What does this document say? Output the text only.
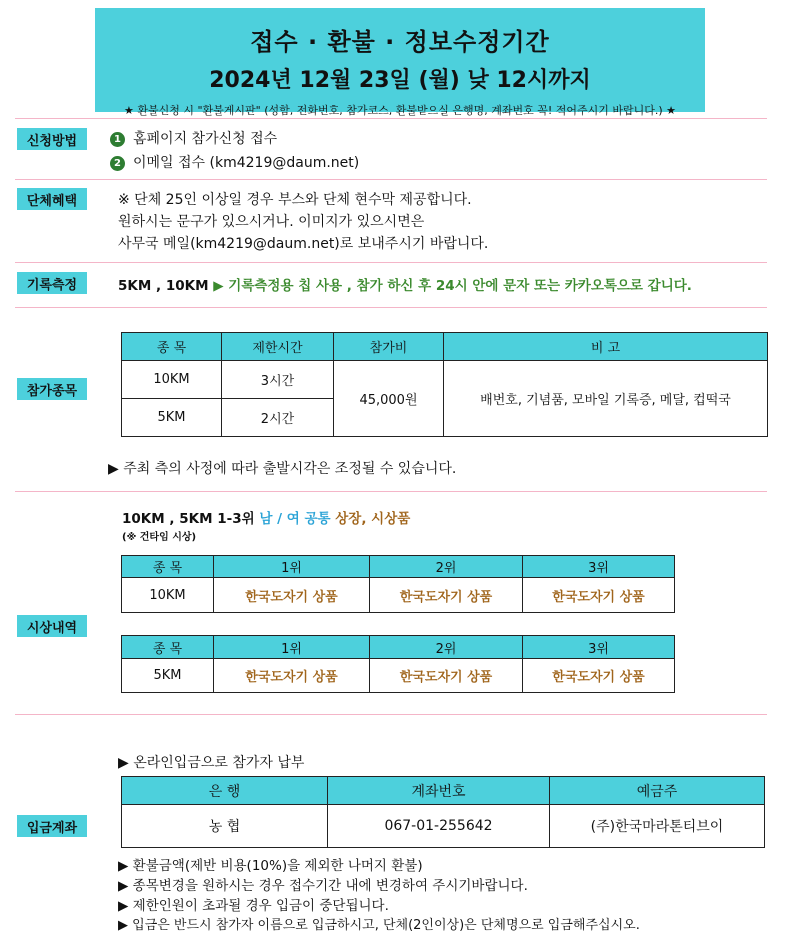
접수 · 환불 · 정보수정기간
2024년 12월 23일 (월) 낮 12시까지
★ 환불신청 시 "환불게시판" (성함, 전화번호, 참가코스, 환불받으실 은행명, 계좌번호 꼭! 적어주시기 바랍니다.) ★
신청방법	1 홈페이지 참가신청 접수
2 이메일 접수 (km4219@daum.net)
단체혜택	※ 단체 25인 이상일 경우 부스와 단체 현수막 제공합니다.
원하시는 문구가 있으시거나. 이미지가 있으시면은
사무국 메일(km4219@daum.net)로 보내주시기 바랍니다.
기록측정	5KM , 10KM ▶ 기록측정용 칩 사용 , 참가 하신 후 24시 안에 문자 또는 카카오톡으로 갑니다.
참가종목
종 목	제한시간	참가비	비 고
10KM	3시간	45,000원	배번호, 기념품, 모바일 기록증, 메달, 컵떡국
5KM	2시간		
▶ 주최 측의 사정에 따라 출발시각은 조정될 수 있습니다.
시상내역
10KM , 5KM 1-3위 남 / 여 공통 상장, 시상품
(※ 건타임 시상)
종 목	1위	2위	3위
10KM	한국도자기 상품	한국도자기 상품	한국도자기 상품
종 목	1위	2위	3위
5KM	한국도자기 상품	한국도자기 상품	한국도자기 상품
입금계좌
▶ 온라인입금으로 참가자 납부
은 행	계좌번호	예금주
농 협	067-01-255642	(주)한국마라톤티브이
▶ 환불금액(제반 비용(10%)을 제외한 나머지 환불)
▶ 종목변경을 원하시는 경우 접수기간 내에 변경하여 주시기바랍니다.
▶ 제한인원이 초과될 경우 입금이 중단됩니다.
▶ 입금은 반드시 참가자 이름으로 입금하시고, 단체(2인이상)은 단체명으로 입금해주십시오.
